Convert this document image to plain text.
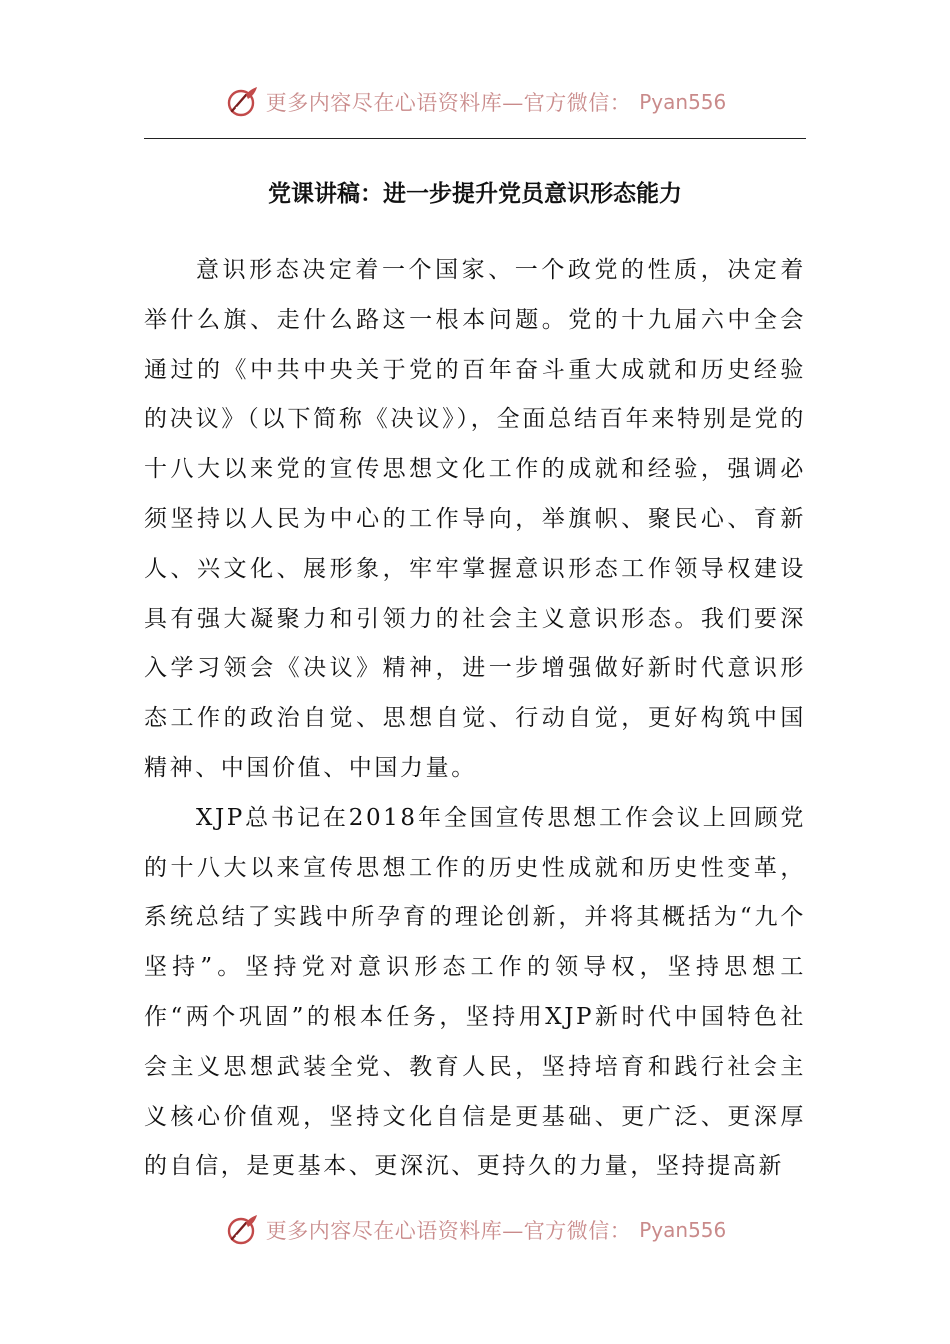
更多内容尽在心语资料库—官方微信： Pyan556
党课讲稿：进一步提升党员意识形态能力

意识形态决定着一个国家、一个政党的性质，决定着举什么旗、走什么路这一根本问题。党的十九届六中全会通过的《中共中央关于党的百年奋斗重大成就和历史经验的决议》（以下简称《决议》），全面总结百年来特别是党的十八大以来党的宣传思想文化工作的成就和经验，强调必须坚持以人民为中心的工作导向，举旗帜、聚民心、育新人、兴文化、展形象，牢牢掌握意识形态工作领导权建设具有强大凝聚力和引领力的社会主义意识形态。我们要深入学习领会《决议》精神，进一步增强做好新时代意识形态工作的政治自觉、思想自觉、行动自觉，更好构筑中国精神、中国价值、中国力量。

XJP总书记在2018年全国宣传思想工作会议上回顾党的十八大以来宣传思想工作的历史性成就和历史性变革，系统总结了实践中所孕育的理论创新，并将其概括为“九个坚持”。坚持党对意识形态工作的领导权，坚持思想工作“两个巩固”的根本任务，坚持用XJP新时代中国特色社会主义思想武装全党、教育人民，坚持培育和践行社会主义核心价值观，坚持文化自信是更基础、更广泛、更深厚的自信，是更基本、更深沉、更持久的力量，坚持提高新

更多内容尽在心语资料库—官方微信： Pyan556
